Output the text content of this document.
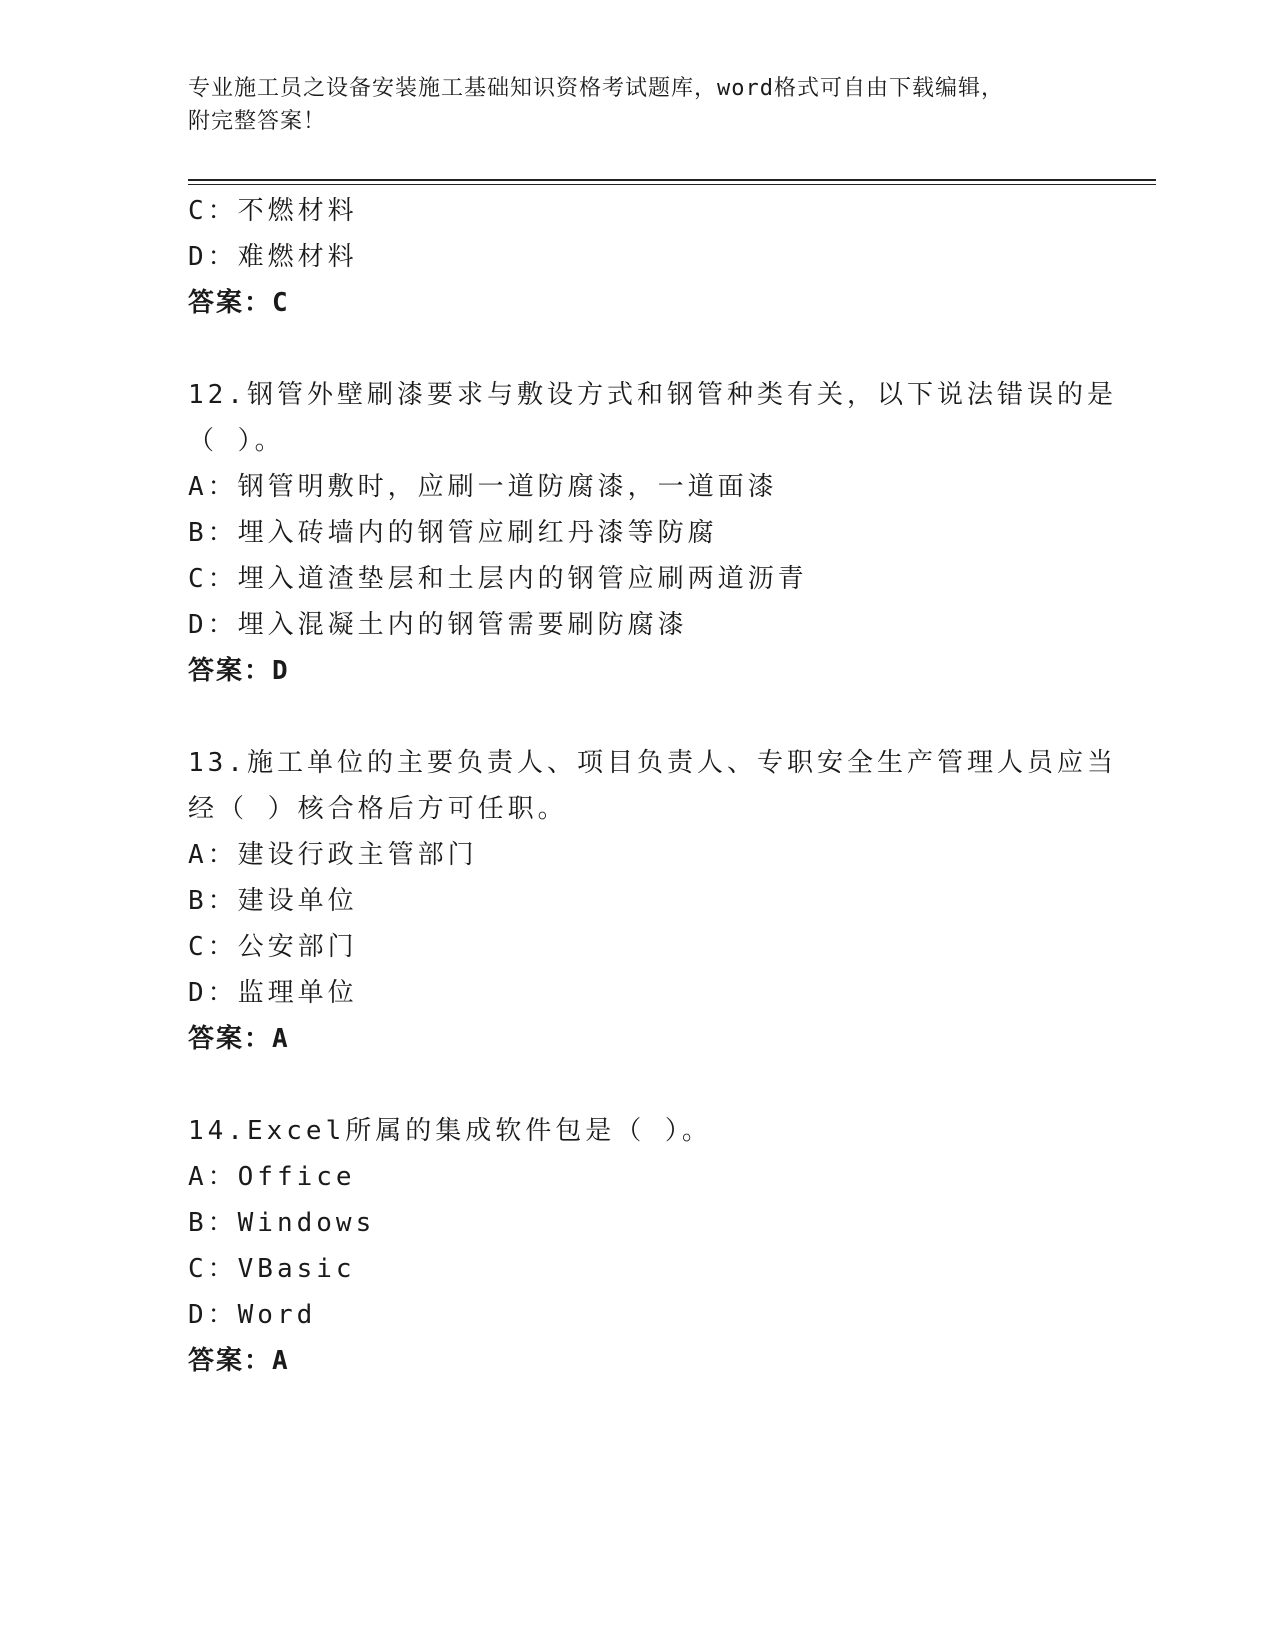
专业施工员之设备安装施工基础知识资格考试题库，word格式可自由下载编辑，
附完整答案！
C：不燃材料
D：难燃材料
答案：C
12.钢管外壁刷漆要求与敷设方式和钢管种类有关，以下说法错误的是
（ ）。
A：钢管明敷时，应刷一道防腐漆，一道面漆
B：埋入砖墙内的钢管应刷红丹漆等防腐
C：埋入道渣垫层和土层内的钢管应刷两道沥青
D：埋入混凝土内的钢管需要刷防腐漆
答案：D
13.施工单位的主要负责人、项目负责人、专职安全生产管理人员应当
经（ ）核合格后方可任职。
A：建设行政主管部门
B：建设单位
C：公安部门
D：监理单位
答案：A
14.Excel所属的集成软件包是（ ）。
A：Office
B：Windows
C：VBasic
D：Word
答案：A
